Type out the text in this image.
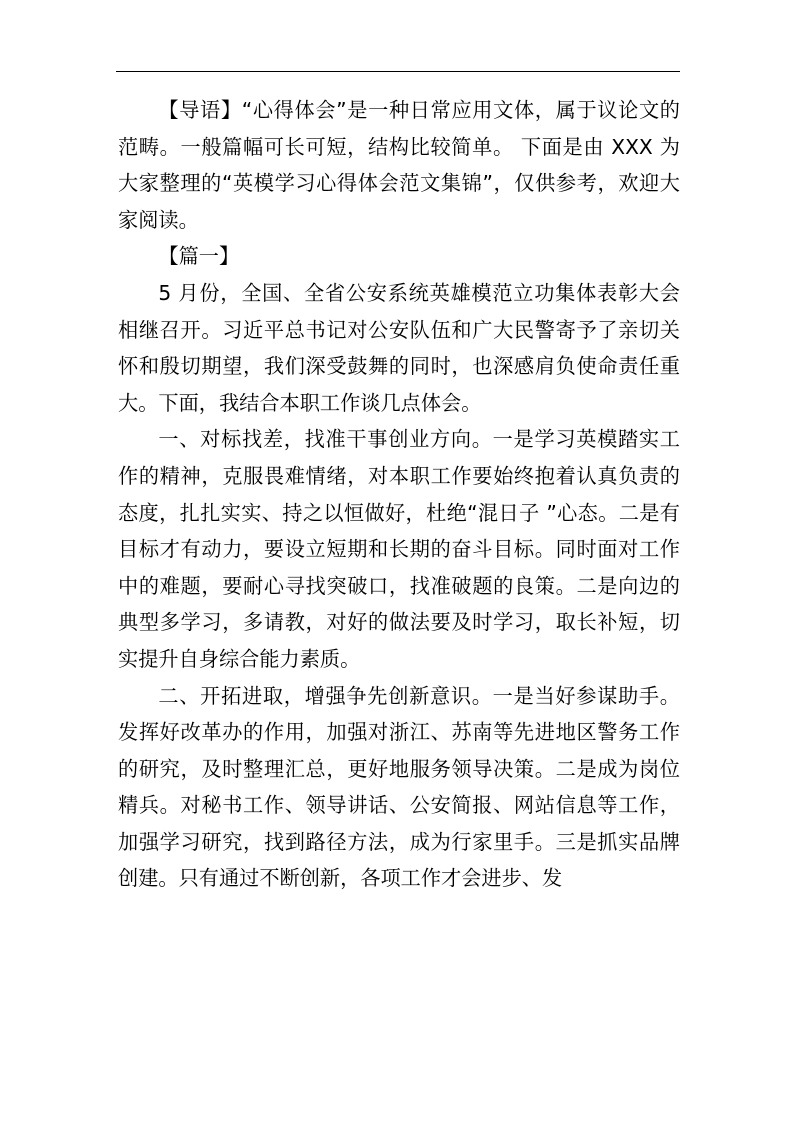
【导语】“心得体会”是一种日常应用文体，属于议论文的范畴。一般篇幅可长可短，结构比较简单。 下面是由 XXX 为大家整理的“英模学习心得体会范文集锦”，仅供参考，欢迎大家阅读。

【篇一】

5 月份，全国、全省公安系统英雄模范立功集体表彰大会相继召开。习近平总书记对公安队伍和广大民警寄予了亲切关怀和殷切期望，我们深受鼓舞的同时，也深感肩负使命责任重大。下面，我结合本职工作谈几点体会。

一、对标找差，找准干事创业方向。一是学习英模踏实工作的精神，克服畏难情绪，对本职工作要始终抱着认真负责的态度，扎扎实实、持之以恒做好，杜绝“混日子 ”心态。二是有目标才有动力，要设立短期和长期的奋斗目标。同时面对工作中的难题，要耐心寻找突破口，找准破题的良策。二是向边的典型多学习，多请教，对好的做法要及时学习，取长补短，切实提升自身综合能力素质。

二、开拓进取，增强争先创新意识。一是当好参谋助手。发挥好改革办的作用，加强对浙江、苏南等先进地区警务工作的研究，及时整理汇总，更好地服务领导决策。二是成为岗位精兵。对秘书工作、领导讲话、公安简报、网站信息等工作，加强学习研究，找到路径方法，成为行家里手。三是抓实品牌创建。只有通过不断创新，各项工作才会进步、发
